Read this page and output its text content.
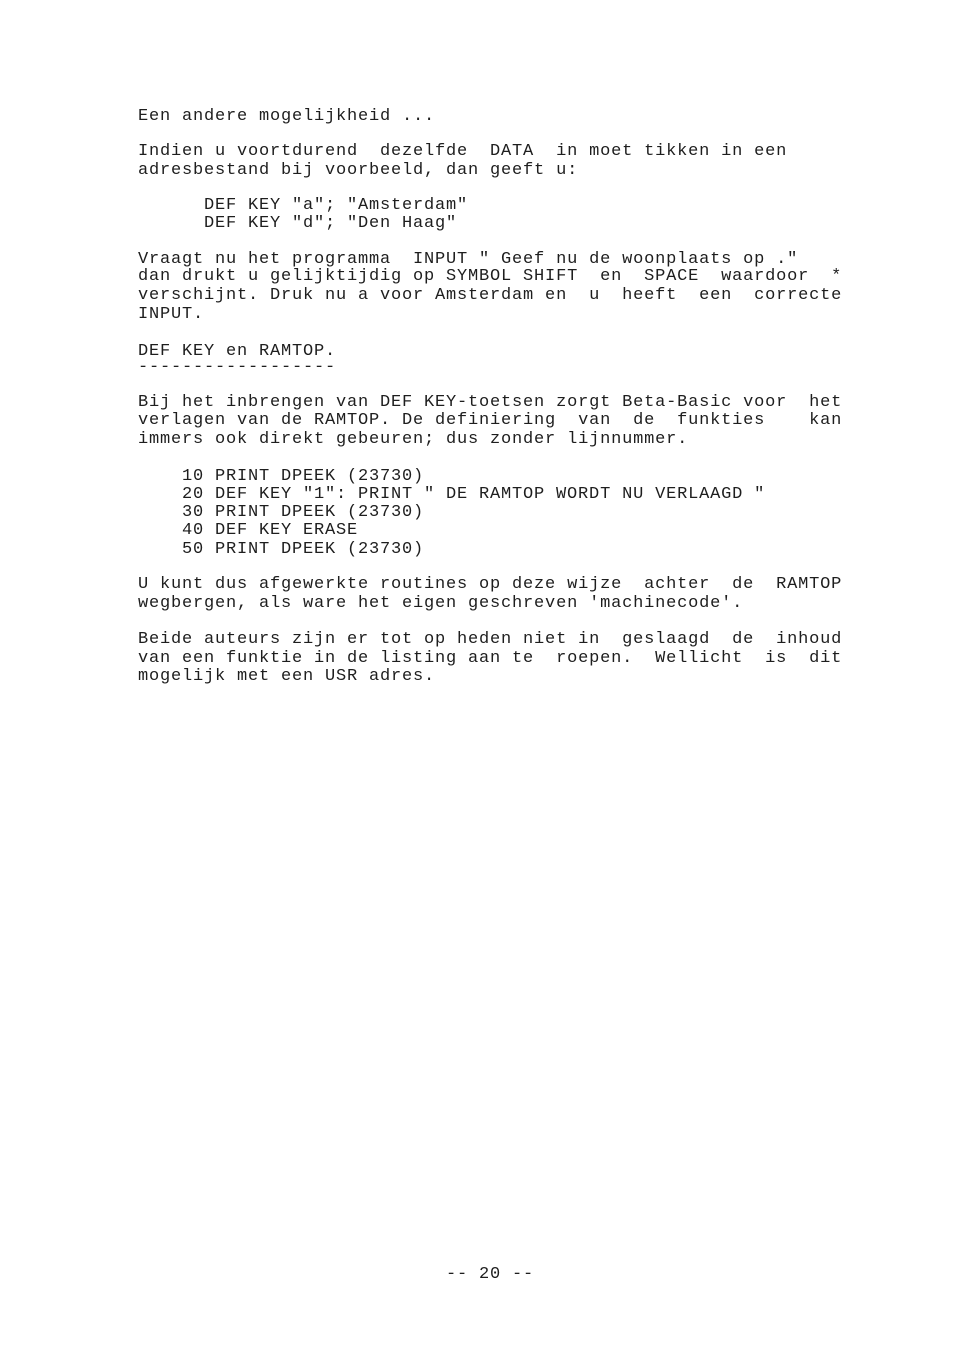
Een andere mogelijkheid ...
Indien u voortdurend  dezelfde  DATA  in moet tikken in een
adresbestand bij voorbeeld, dan geeft u:
DEF KEY "a"; "Amsterdam"
DEF KEY "d"; "Den Haag"
Vraagt nu het programma  INPUT " Geef nu de woonplaats op ."
dan drukt u gelijktijdig op SYMBOL SHIFT  en  SPACE  waardoor  *
verschijnt. Druk nu a voor Amsterdam en  u  heeft  een  correcte
INPUT.
DEF KEY en RAMTOP.
------------------
Bij het inbrengen van DEF KEY-toetsen zorgt Beta-Basic voor  het
verlagen van de RAMTOP. De definiering  van  de  funkties    kan
immers ook direkt gebeuren; dus zonder lijnnummer.
10 PRINT DPEEK (23730)
20 DEF KEY "1": PRINT " DE RAMTOP WORDT NU VERLAAGD "
30 PRINT DPEEK (23730)
40 DEF KEY ERASE
50 PRINT DPEEK (23730)
U kunt dus afgewerkte routines op deze wijze  achter  de  RAMTOP
wegbergen, als ware het eigen geschreven 'machinecode'.
Beide auteurs zijn er tot op heden niet in  geslaagd  de  inhoud
van een funktie in de listing aan te  roepen.  Wellicht  is  dit
mogelijk met een USR adres.
-- 20 --
